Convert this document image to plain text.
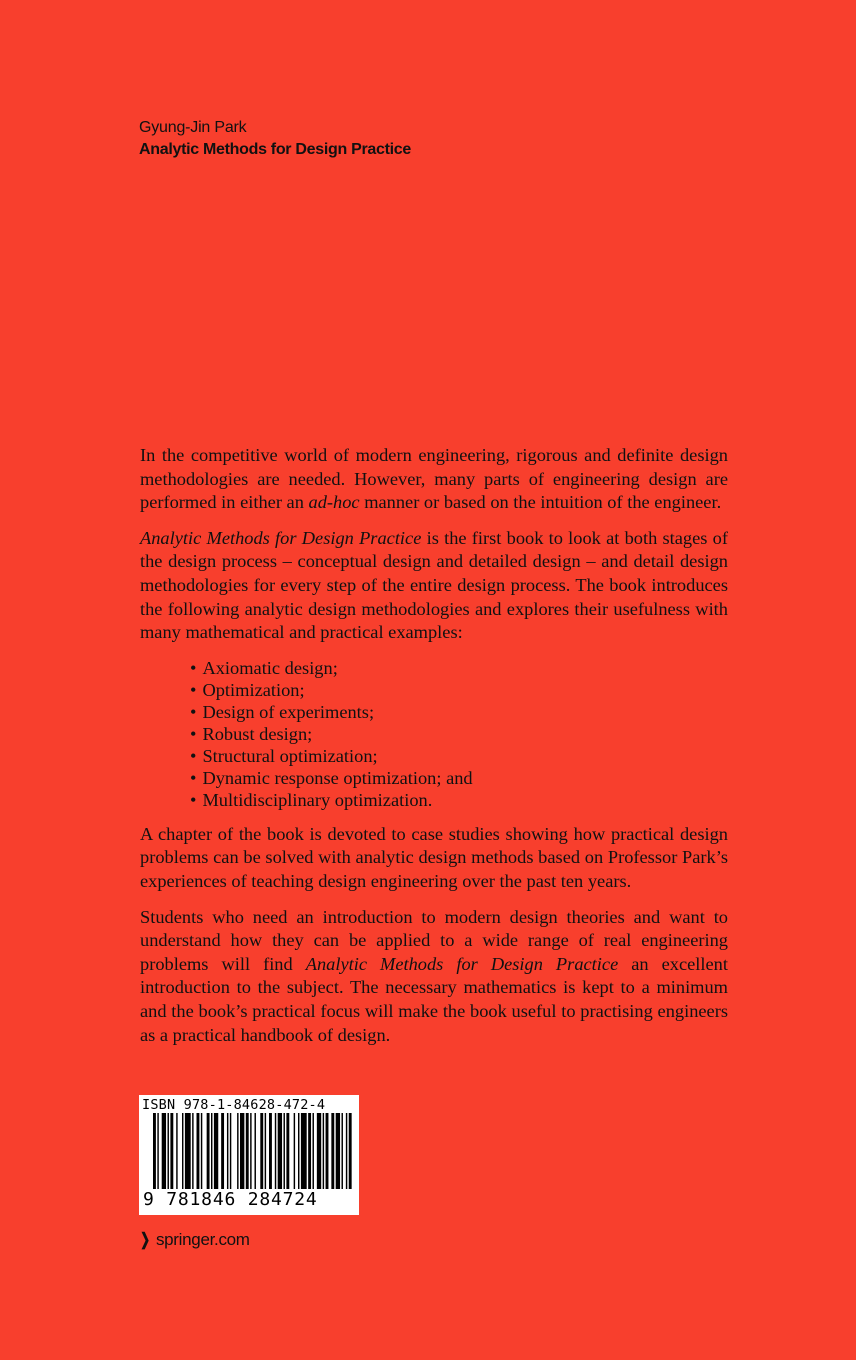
Gyung-Jin Park
Analytic Methods for Design Practice

In the competitive world of modern engineering, rigorous and definite design methodologies are needed. However, many parts of engineering design are performed in either an ad-hoc manner or based on the intuition of the engineer.

Analytic Methods for Design Practice is the first book to look at both stages of the design process – conceptual design and detailed design – and detail design methodologies for every step of the entire design process. The book introduces the following analytic design methodologies and explores their usefulness with many mathematical and practical examples:

• Axiomatic design;
• Optimization;
• Design of experiments;
• Robust design;
• Structural optimization;
• Dynamic response optimization; and
• Multidisciplinary optimization.

A chapter of the book is devoted to case studies showing how practical design problems can be solved with analytic design methods based on Professor Park’s experiences of teaching design engineering over the past ten years.

Students who need an introduction to modern design theories and want to understand how they can be applied to a wide range of real engineering problems will find Analytic Methods for Design Practice an excellent introduction to the subject. The necessary mathematics is kept to a minimum and the book’s practical focus will make the book useful to practising engineers as a practical handbook of design.

ISBN 978-1-84628-472-4
9 781846 284724
❯ springer.com
